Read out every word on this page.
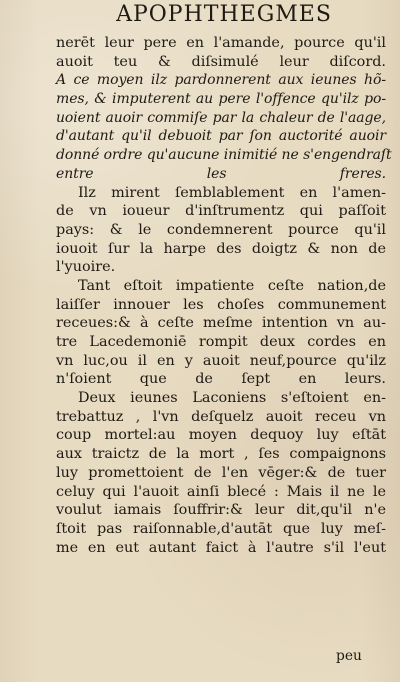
APOPHTHEGMES
nerēt leur pere en l'amande, pource qu'il
auoit teu & diſsimulé leur diſcord.
A ce moyen ilz pardonnerent aux ieunes hõ-
mes, & imputerent au pere l'offence qu'ilz po-
uoient auoir commiſe par la chaleur de l'aage,
d'autant qu'il debuoit par ſon auctorité auoir
donné ordre qu'aucune inimitié ne s'engendraſt
entre les freres.
Ilz mirent ſemblablement en l'amen-
de vn ioueur d'inſtrumentz qui paſſoit
pays: & le condemnerent pource qu'il
iouoit ſur la harpe des doigtz & non de
l'yuoire.
Tant eſtoit impatiente ceſte nation,de
laiſſer innouer les choſes communement
receues:& à ceſte meſme intention vn au-
tre Lacedemoniē rompit deux cordes en
vn luc,ou il en y auoit neuf,pource qu'ilz
n'ſoient que de ſept en leurs.
Deux ieunes Laconiens s'eſtoient en-
trebattuz , l'vn deſquelz auoit receu vn
coup mortel:au moyen dequoy luy eſtāt
aux traictz de la mort , ſes compaignons
luy promettoient de l'en vēger:& de tuer
celuy qui l'auoit ainſi blecé : Mais il ne le
voulut iamais ſouffrir:& leur dit,qu'il n'e
ſtoit pas raiſonnable,d'autāt que luy meſ-
me en eut autant faict à l'autre s'il l'eut
peu
